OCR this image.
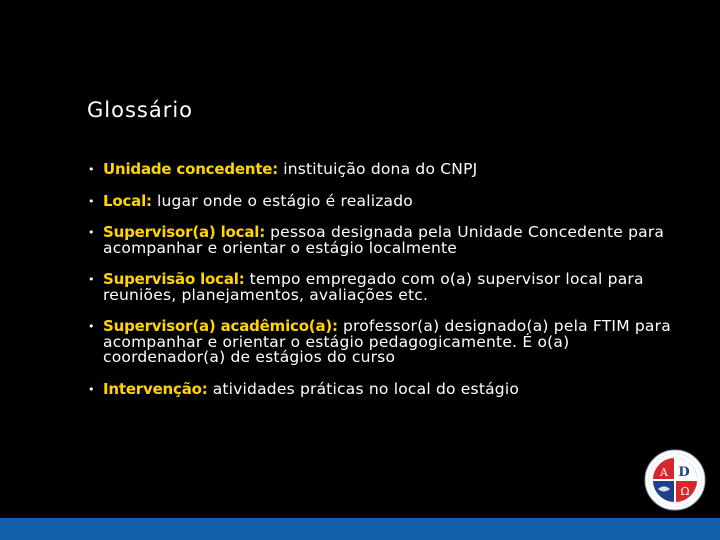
Glossário
• Unidade concedente: instituição dona do CNPJ
• Local: lugar onde o estágio é realizado
• Supervisor(a) local: pessoa designada pela Unidade Concedente para acompanhar e orientar o estágio localmente
• Supervisão local: tempo empregado com o(a) supervisor local para reuniões, planejamentos, avaliações etc.
• Supervisor(a) acadêmico(a): professor(a) designado(a) pela FTIM para acompanhar e orientar o estágio pedagogicamente. É o(a) coordenador(a) de estágios do curso
• Intervenção: atividades práticas no local do estágio
A D
Ω
